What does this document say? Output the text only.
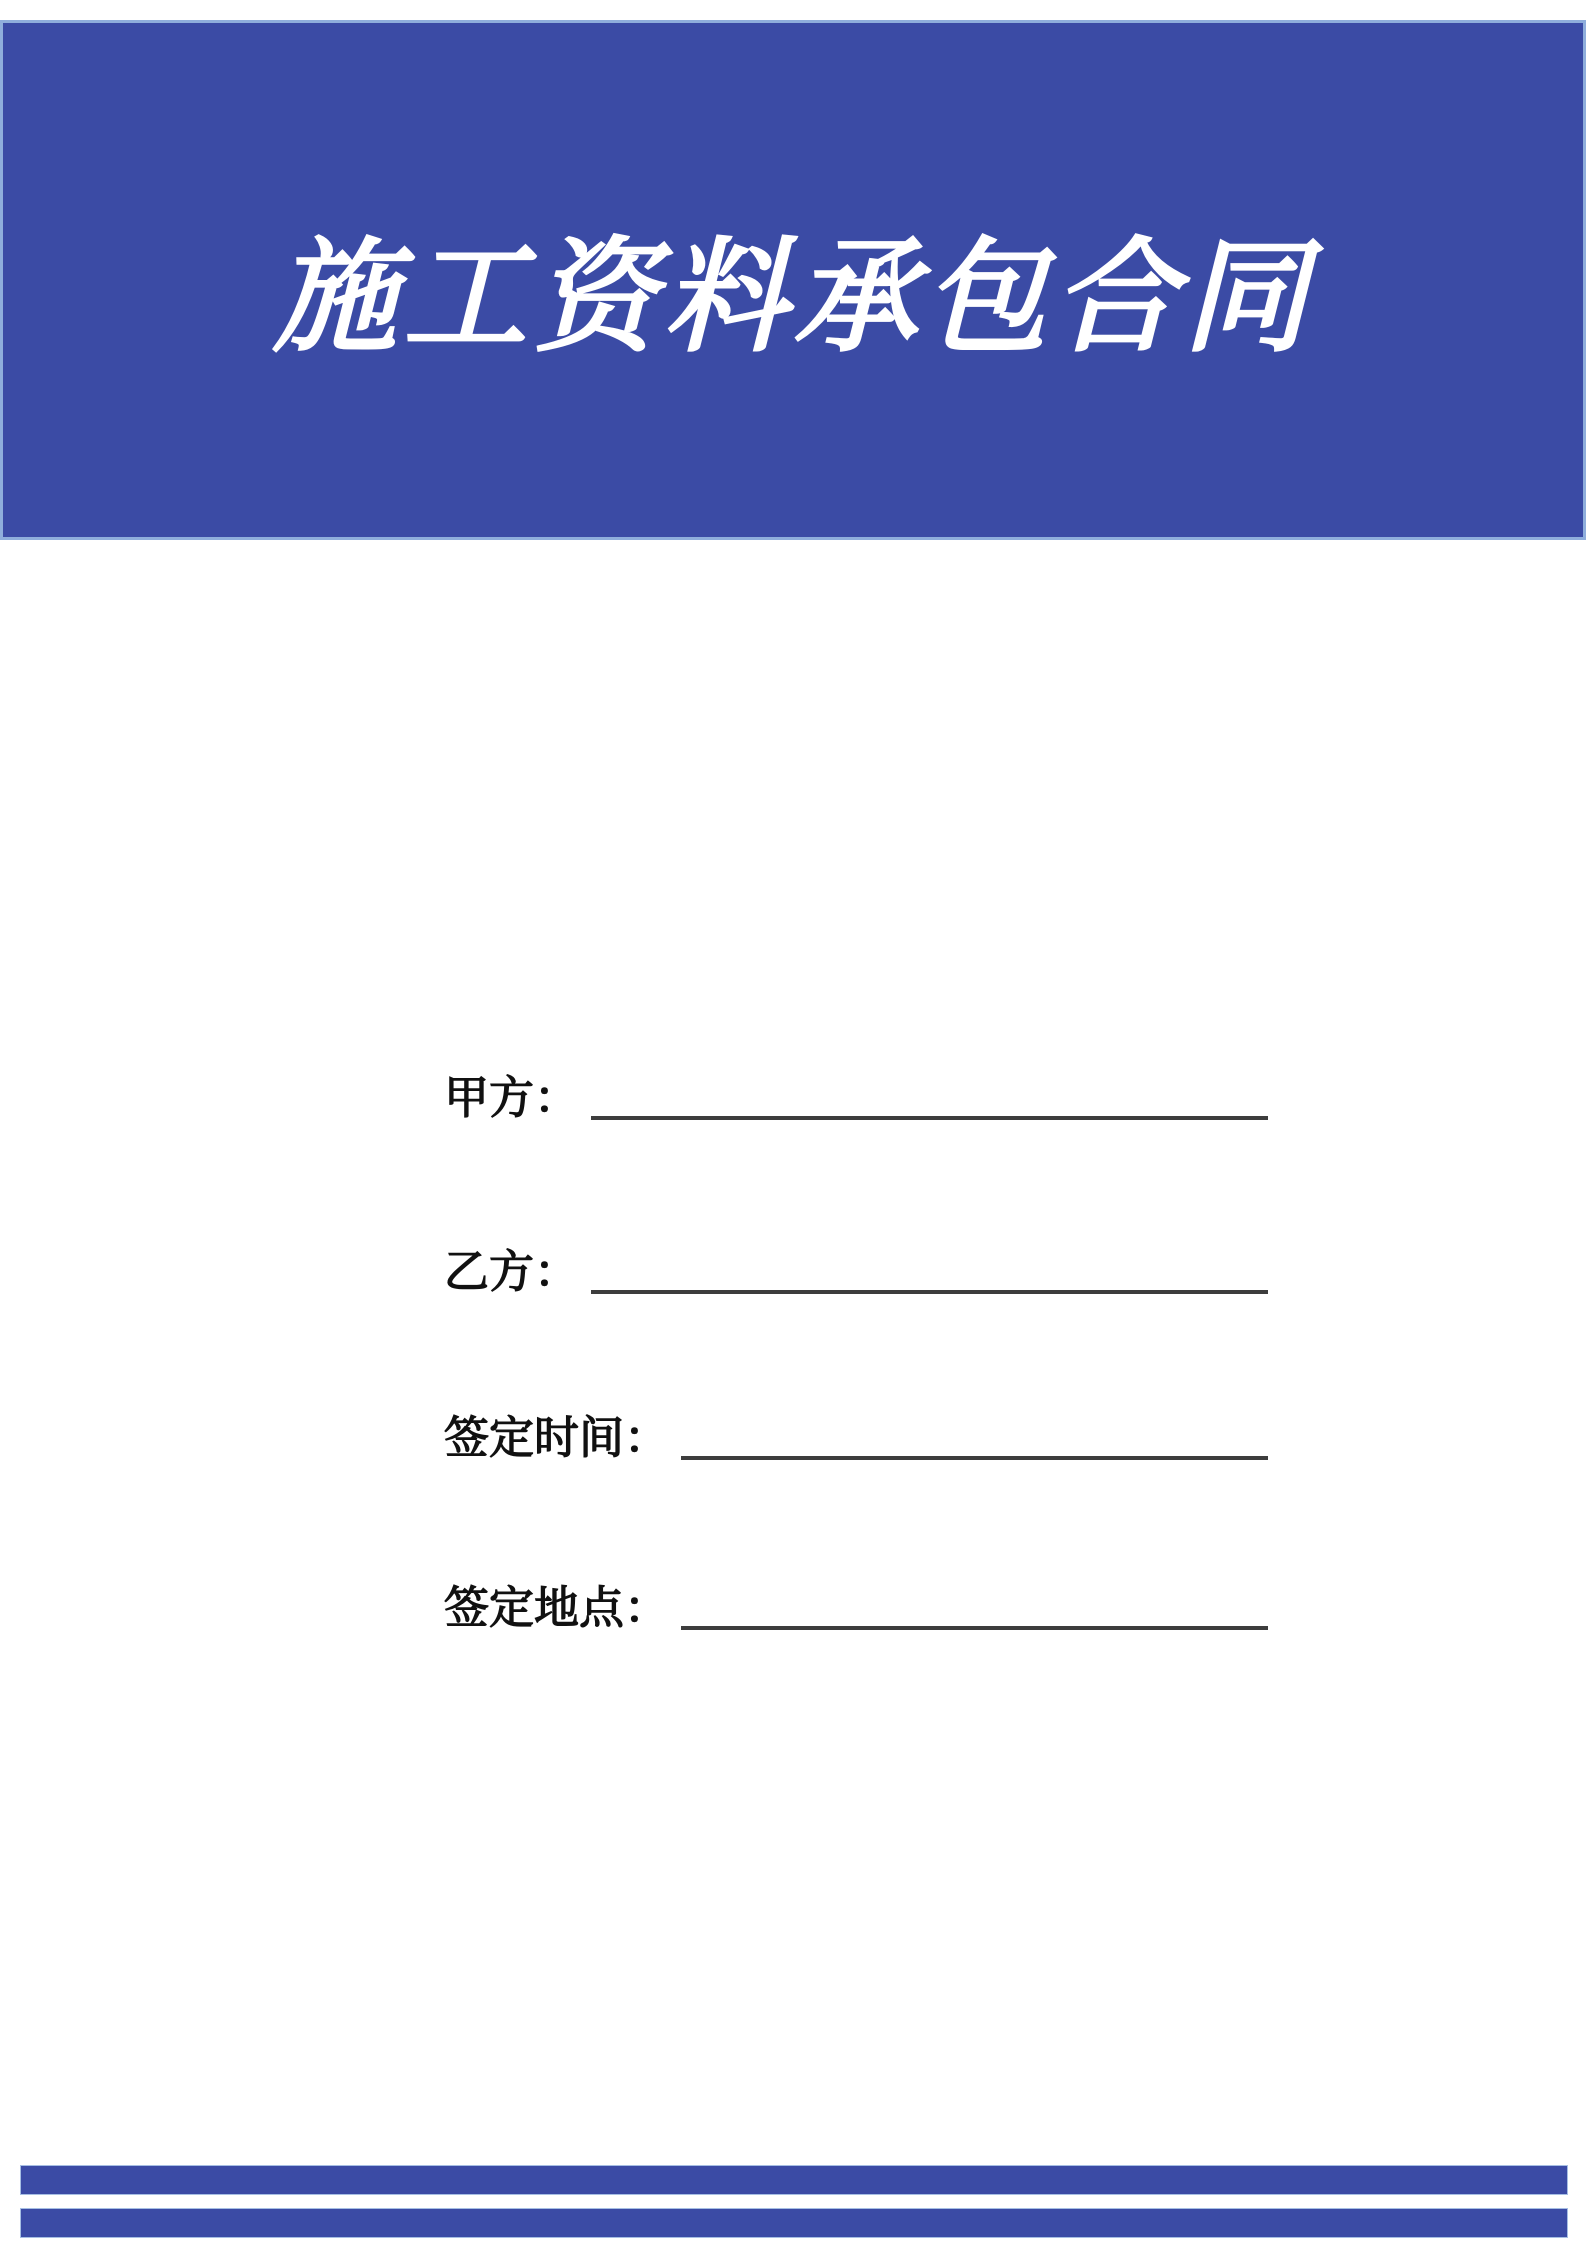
施工资料承包合同
甲方：
乙方：
签定时间：
签定地点：
